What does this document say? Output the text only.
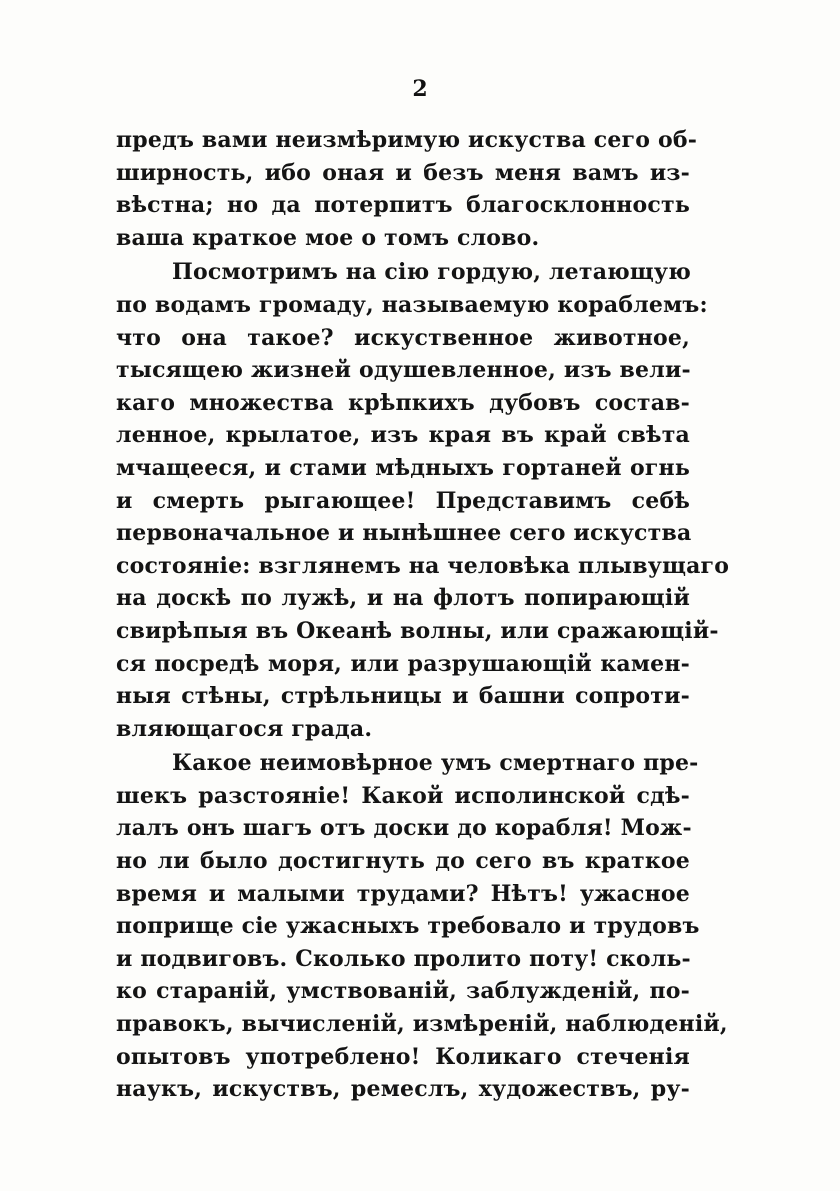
2
предъ вами неизмѣримую искуства сего об-
ширность, ибо оная и безъ меня вамъ из-
вѣстна; но да потерпитъ благосклонность
ваша краткое мое о томъ слово.
Посмотримъ на сію гордую, летающую
по водамъ громаду, называемую кораблемъ:
что она такое? искуственное животное,
тысящею жизней одушевленное, изъ вели-
каго множества крѣпкихъ дубовъ состав-
ленное, крылатое, изъ края въ край свѣта
мчащееся, и стами мѣдныхъ гортаней огнь
и смерть рыгающее! Представимъ себѣ
первоначальное и нынѣшнее сего искуства
состояніе: взглянемъ на человѣка плывущаго
на доскѣ по лужѣ, и на флотъ попирающій
свирѣпыя въ Океанѣ волны, или сражающій-
ся посредѣ моря, или разрушающій камен-
ныя стѣны, стрѣльницы и башни сопроти-
вляющагося града.
Какое неимовѣрное умъ смертнаго пре-
шекъ разстояніе! Какой исполинской сдѣ-
лалъ онъ шагъ отъ доски до корабля! Мож-
но ли было достигнуть до сего въ краткое
время и малыми трудами? Нѣтъ! ужасное
поприще сіе ужасныхъ требовало и трудовъ
и подвиговъ. Сколько пролито поту! сколь-
ко стараній, умствованій, заблужденій, по-
правокъ, вычисленій, измѣреній, наблюденій,
опытовъ употреблено! Коликаго стеченія
наукъ, искуствъ, ремеслъ, художествъ, ру-
